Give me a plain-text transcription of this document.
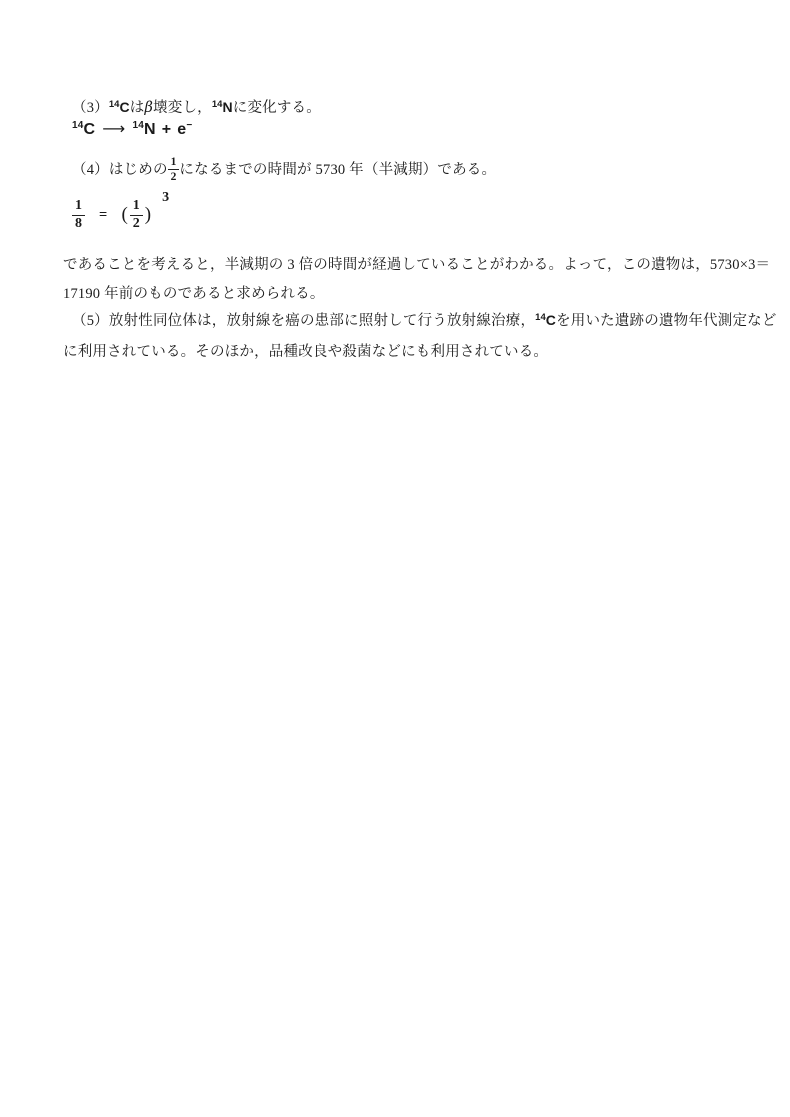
$(3)^{14}C$はβ壊変し，$^{14}$Nに変化する。
$^{14}$C ⟶ $^{14}$N + e−
（4）はじめの $\frac{1}{2}$ になるまでの時間が 5730 年（半減期）である。
$\frac{1}{8}$ = ( $\frac{1}{2} )3$
であることを考えると，半減期の 3 倍の時間が経過していることがわかる。よって，この遺物は，5730×3＝
17190 年前のものであると求められる。
（5）放射性同位体は，放射線を癌の患部に照射して行う放射線治療，$^{14}$Cを用いた遺跡の遺物年代測定など
に利用されている。そのほか，品種改良や殺菌などにも利用されている。
